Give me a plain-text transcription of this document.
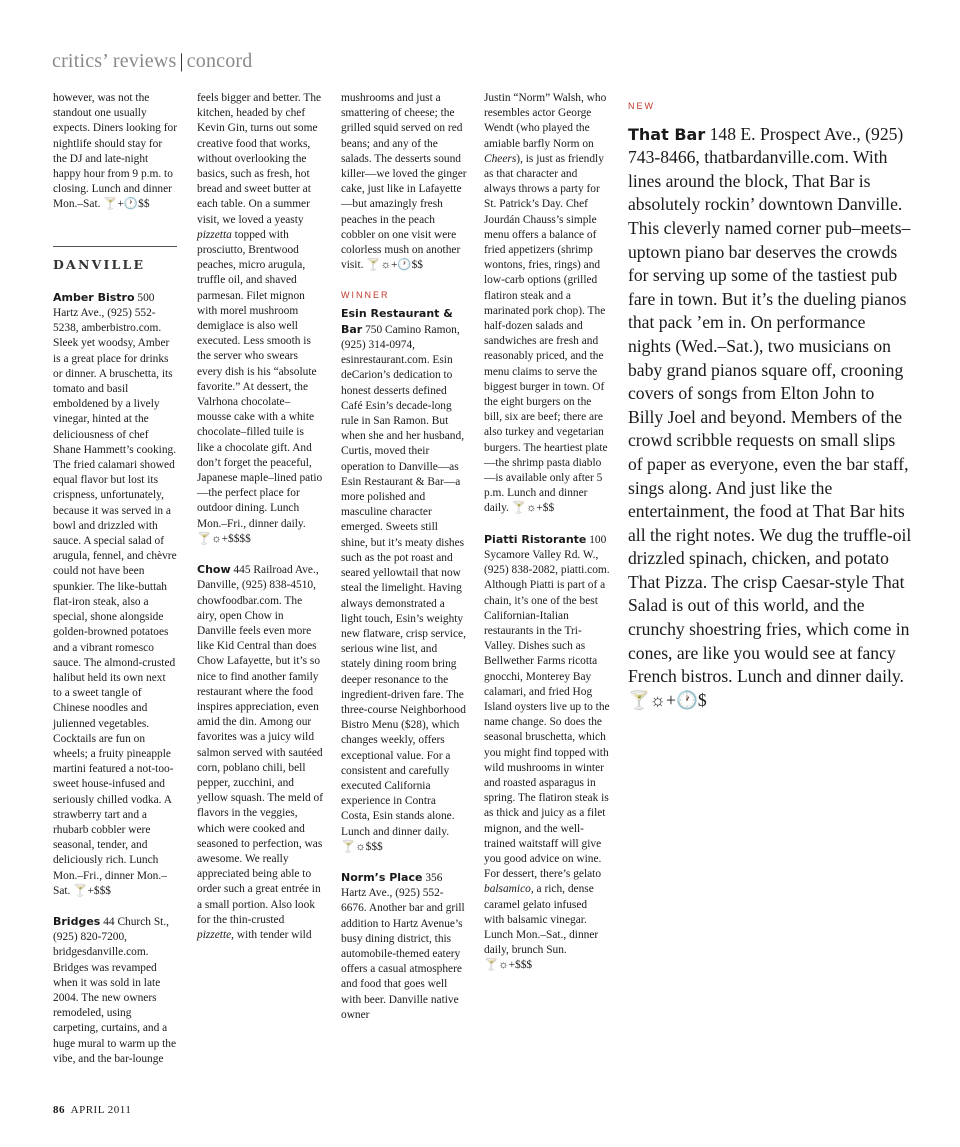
critics’ reviews | concord

however, was not the standout one usually expects. Diners looking for nightlife should stay for the DJ and late-night happy hour from 9 p.m. to closing. Lunch and dinner Mon.–Sat. 🍸+🕐$$

DANVILLE

Amber Bistro 500 Hartz Ave., (925) 552-5238, amberbistro.com. Sleek yet woodsy, Amber is a great place for drinks or dinner. A bruschetta, its tomato and basil emboldened by a lively vinegar, hinted at the deliciousness of chef Shane Hammett’s cooking. The fried calamari showed equal flavor but lost its crispness, unfortunately, because it was served in a bowl and drizzled with sauce. A special salad of arugula, fennel, and chèvre could not have been spunkier. The like-buttah flat-iron steak, also a special, shone alongside golden-browned potatoes and a vibrant romesco sauce. The almond-crusted halibut held its own next to a sweet tangle of Chinese noodles and julienned vegetables. Cocktails are fun on wheels; a fruity pineapple martini featured a not-too-sweet house-infused and seriously chilled vodka. A strawberry tart and a rhubarb cobbler were seasonal, tender, and deliciously rich. Lunch Mon.–Fri., dinner Mon.–Sat. 🍸+$$$

Bridges 44 Church St., (925) 820-7200, bridgesdanville.com. Bridges was revamped when it was sold in late 2004. The new owners remodeled, using carpeting, curtains, and a huge mural to warm up the vibe, and the bar-lounge

feels bigger and better. The kitchen, headed by chef Kevin Gin, turns out some creative food that works, without overlooking the basics, such as fresh, hot bread and sweet butter at each table. On a summer visit, we loved a yeasty pizzetta topped with prosciutto, Brentwood peaches, micro arugula, truffle oil, and shaved parmesan. Filet mignon with morel mushroom demiglace is also well executed. Less smooth is the server who swears every dish is his “absolute favorite.” At dessert, the Valrhona chocolate–mousse cake with a white chocolate–filled tuile is like a chocolate gift. And don’t forget the peaceful, Japanese maple–lined patio—the perfect place for outdoor dining. Lunch Mon.–Fri., dinner daily. 🍸☼+$$$$

Chow 445 Railroad Ave., Danville, (925) 838-4510, chowfoodbar.com. The airy, open Chow in Danville feels even more like Kid Central than does Chow Lafayette, but it’s so nice to find another family restaurant where the food inspires appreciation, even amid the din. Among our favorites was a juicy wild salmon served with sautéed corn, poblano chili, bell pepper, zucchini, and yellow squash. The meld of flavors in the veggies, which were cooked and seasoned to perfection, was awesome. We really appreciated being able to order such a great entrée in a small portion. Also look for the thin-crusted pizzette, with tender wild

mushrooms and just a smattering of cheese; the grilled squid served on red beans; and any of the salads. The desserts sound killer—we loved the ginger cake, just like in Lafayette—but amazingly fresh peaches in the peach cobbler on one visit were colorless mush on another visit. 🍸☼+🕐$$

WINNER

Esin Restaurant & Bar 750 Camino Ramon, (925) 314-0974, esinrestaurant.com. Esin deCarion’s dedication to honest desserts defined Café Esin’s decade-long rule in San Ramon. But when she and her husband, Curtis, moved their operation to Danville—as Esin Restaurant & Bar—a more polished and masculine character emerged. Sweets still shine, but it’s meaty dishes such as the pot roast and seared yellowtail that now steal the limelight. Having always demonstrated a light touch, Esin’s weighty new flatware, crisp service, serious wine list, and stately dining room bring deeper resonance to the ingredient-driven fare. The three-course Neighborhood Bistro Menu ($28), which changes weekly, offers exceptional value. For a consistent and carefully executed California experience in Contra Costa, Esin stands alone. Lunch and dinner daily. 🍸☼$$$

Norm’s Place 356 Hartz Ave., (925) 552-6676. Another bar and grill addition to Hartz Avenue’s busy dining district, this automobile-themed eatery offers a casual atmosphere and food that goes well with beer. Danville native owner

Justin “Norm” Walsh, who resembles actor George Wendt (who played the amiable barfly Norm on Cheers), is just as friendly as that character and always throws a party for St. Patrick’s Day. Chef Jourdán Chauss’s simple menu offers a balance of fried appetizers (shrimp wontons, fries, rings) and low-carb options (grilled flatiron steak and a marinated pork chop). The half-dozen salads and sandwiches are fresh and reasonably priced, and the menu claims to serve the biggest burger in town. Of the eight burgers on the bill, six are beef; there are also turkey and vegetarian burgers. The heartiest plate—the shrimp pasta diablo—is available only after 5 p.m. Lunch and dinner daily. 🍸☼+$$

Piatti Ristorante 100 Sycamore Valley Rd. W., (925) 838-2082, piatti.com. Although Piatti is part of a chain, it’s one of the best Californian-Italian restaurants in the Tri-Valley. Dishes such as Bellwether Farms ricotta gnocchi, Monterey Bay calamari, and fried Hog Island oysters live up to the name change. So does the seasonal bruschetta, which you might find topped with wild mushrooms in winter and roasted asparagus in spring. The flatiron steak is as thick and juicy as a filet mignon, and the well-trained waitstaff will give you good advice on wine. For dessert, there’s gelato balsamico, a rich, dense caramel gelato infused with balsamic vinegar. Lunch Mon.–Sat., dinner daily, brunch Sun. 🍸☼+$$$

NEW

That Bar 148 E. Prospect Ave., (925) 743-8466, thatbardanville.com. With lines around the block, That Bar is absolutely rockin’ downtown Danville. This cleverly named corner pub–meets–uptown piano bar deserves the crowds for serving up some of the tastiest pub fare in town. But it’s the dueling pianos that pack ’em in. On performance nights (Wed.–Sat.), two musicians on baby grand pianos square off, crooning covers of songs from Elton John to Billy Joel and beyond. Members of the crowd scribble requests on small slips of paper as everyone, even the bar staff, sings along. And just like the entertainment, the food at That Bar hits all the right notes. We dug the truffle-oil drizzled spinach, chicken, and potato That Pizza. The crisp Caesar-style That Salad is out of this world, and the crunchy shoestring fries, which come in cones, are like you would see at fancy French bistros. Lunch and dinner daily. 🍸☼+🕐$

86 APRIL 2011
